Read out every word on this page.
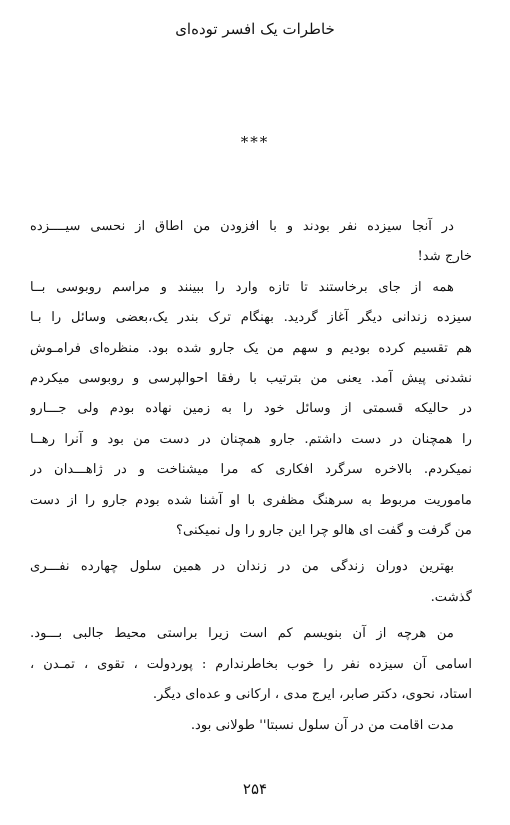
خاطرات یک افسر توده‌ای
***
در آنجا سیزده نفر بودند و با افزودن من اطاق از نحسی سیــــزده
خارج شد!
همه از جای برخاستند تا تازه وارد را ببینند و مراسم روبوسی بــا
سیزده زندانی دیگر آغاز گردید. بهنگام ترک بندر یک،بعضی وسائل را بـا
هم تقسیم کرده بودیم و سهم من یک جارو شده بود. منظره‌ای فرامـوش
نشدنی پیش آمد. یعنی من بترتیب با رفقا احوالپرسی و روبوسی میکردم
در حالیکه قسمتی از وسائل خود را به زمین نهاده بودم ولی جـــارو
را همچنان در دست داشتم. جارو همچنان در دست من بود و آنرا رهــا
نمیکردم. بالاخره سرگرد افکاری که مرا میشناخت و در ژاهـــدان در
ماموریت مربوط به سرهنگ مظفری با او آشنا شده بودم جارو را از دست
من گرفت و گفت ای هالو چرا این جارو را ول نمیکنی؟
بهترین دوران زندگی من در زندان در همین سلول چهارده نفـــری
گذشت.
من هرچه از آن بنویسم کم است زیرا براستی محیط جالبی بـــود.
اسامی آن سیزده نفر را خوب بخاطرندارم : پوردولت ، تقوی ، تمـدن ،
استاد، نحوی، دکتر صابر، ایرج مدی ، ارکانی و عده‌ای دیگر.
مدت اقامت من در آن سلول نسبتا'' طولانی بود.
۲۵۴
